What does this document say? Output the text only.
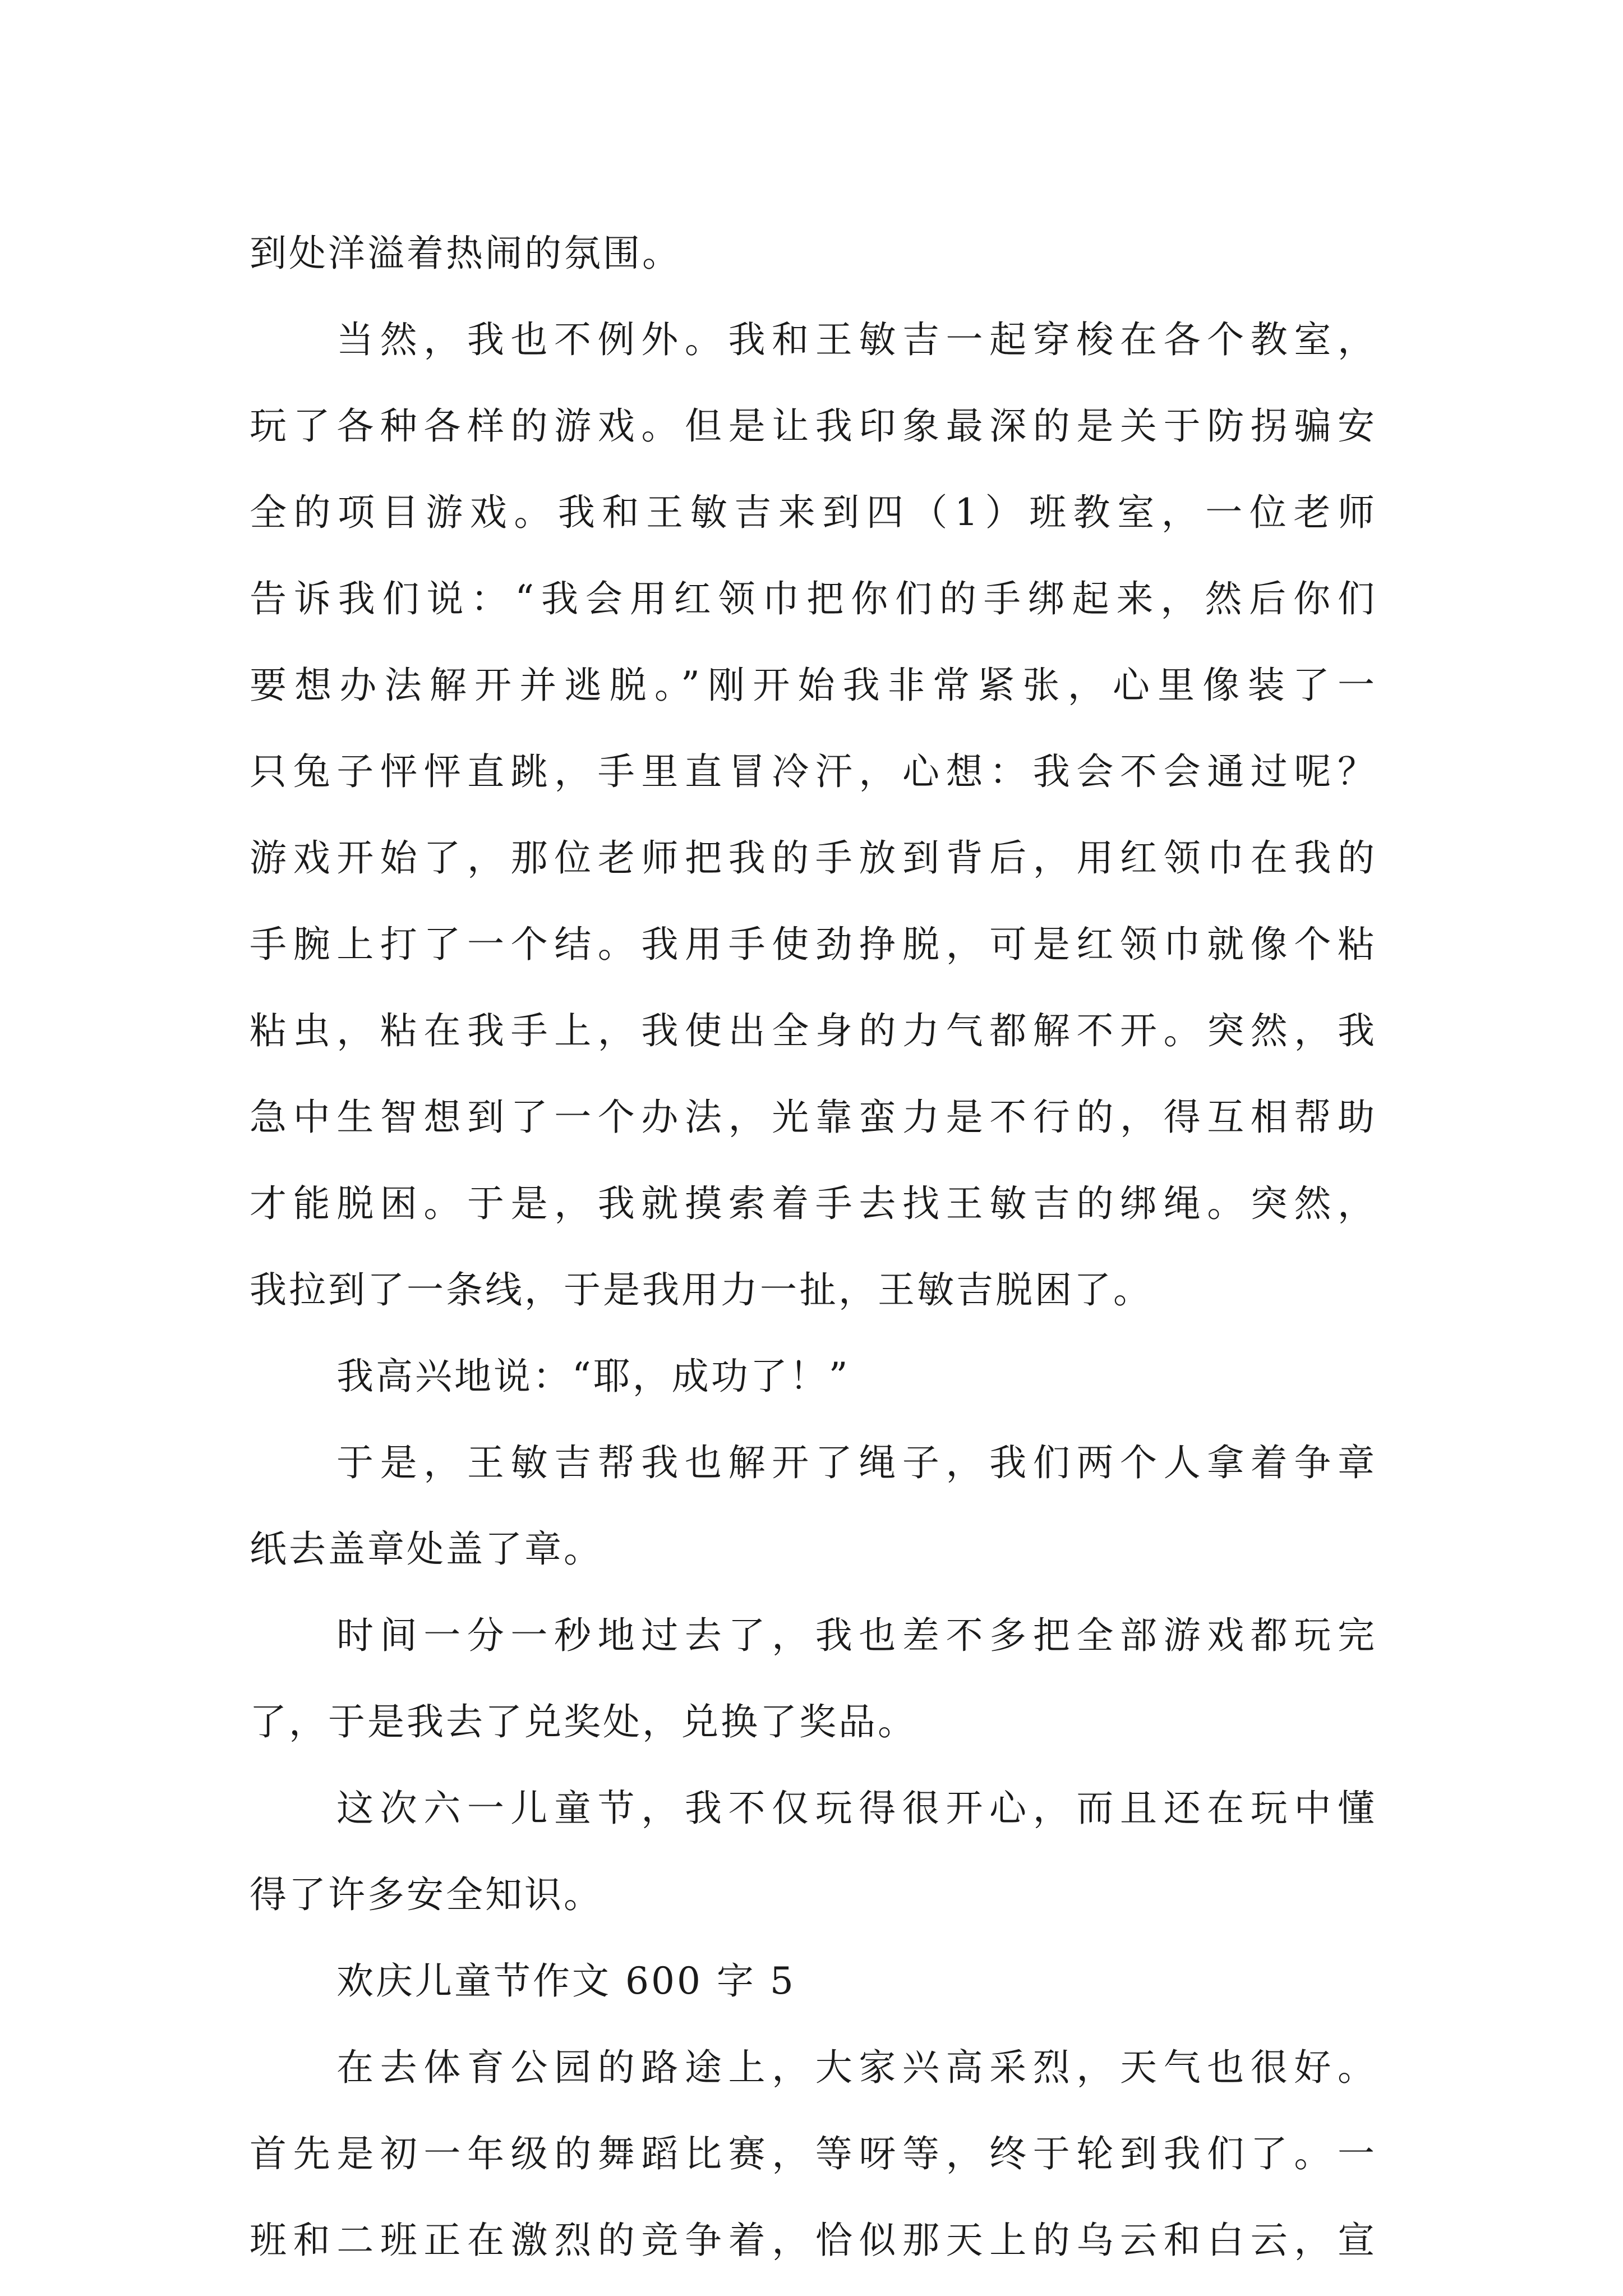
到处洋溢着热闹的氛围。
当然，我也不例外。我和王敏吉一起穿梭在各个教室，
玩了各种各样的游戏。但是让我印象最深的是关于防拐骗安
全的项目游戏。我和王敏吉来到四（1）班教室，一位老师
告诉我们说：“我会用红领巾把你们的手绑起来，然后你们
要想办法解开并逃脱。”刚开始我非常紧张，心里像装了一
只兔子怦怦直跳，手里直冒冷汗，心想：我会不会通过呢？
游戏开始了，那位老师把我的手放到背后，用红领巾在我的
手腕上打了一个结。我用手使劲挣脱，可是红领巾就像个粘
粘虫，粘在我手上，我使出全身的力气都解不开。突然，我
急中生智想到了一个办法，光靠蛮力是不行的，得互相帮助
才能脱困。于是，我就摸索着手去找王敏吉的绑绳。突然，
我拉到了一条线，于是我用力一扯，王敏吉脱困了。
我高兴地说：“耶，成功了！”
于是，王敏吉帮我也解开了绳子，我们两个人拿着争章
纸去盖章处盖了章。
时间一分一秒地过去了，我也差不多把全部游戏都玩完
了，于是我去了兑奖处，兑换了奖品。
这次六一儿童节，我不仅玩得很开心，而且还在玩中懂
得了许多安全知识。
欢庆儿童节作文 600 字 5
在去体育公园的路途上，大家兴高采烈，天气也很好。
首先是初一年级的舞蹈比赛，等呀等，终于轮到我们了。一
班和二班正在激烈的竞争着，恰似那天上的乌云和白云，宣
